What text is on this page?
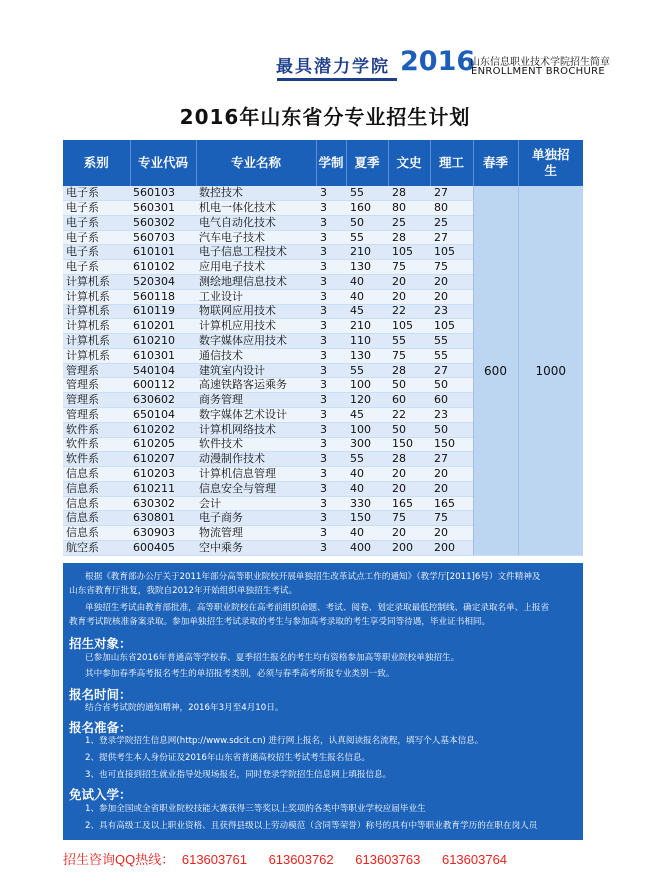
最具潜力学院 2016
山东信息职业技术学院招生简章
ENROLLMENT BROCHURE
2016年山东省分专业招生计划
系别	专业代码	专业名称	学制	夏季	文史	理工	春季	单独招生
电子系	560103	数控技术	3	55	28	27	600	1000
电子系	560301	机电一体化技术	3	160	80	80		
电子系	560302	电气自动化技术	3	50	25	25		
电子系	560703	汽车电子技术	3	55	28	27		
电子系	610101	电子信息工程技术	3	210	105	105		
电子系	610102	应用电子技术	3	130	75	75		
计算机系	520304	测绘地理信息技术	3	40	20	20		
计算机系	560118	工业设计	3	40	20	20		
计算机系	610119	物联网应用技术	3	45	22	23		
计算机系	610201	计算机应用技术	3	210	105	105		
计算机系	610210	数字媒体应用技术	3	110	55	55		
计算机系	610301	通信技术	3	130	75	55		
管理系	540104	建筑室内设计	3	55	28	27		
管理系	600112	高速铁路客运乘务	3	100	50	50		
管理系	630602	商务管理	3	120	60	60		
管理系	650104	数字媒体艺术设计	3	45	22	23		
软件系	610202	计算机网络技术	3	100	50	50		
软件系	610205	软件技术	3	300	150	150		
软件系	610207	动漫制作技术	3	55	28	27		
信息系	610203	计算机信息管理	3	40	20	20		
信息系	610211	信息安全与管理	3	40	20	20		
信息系	630302	会计	3	330	165	165		
信息系	630801	电子商务	3	150	75	75		
信息系	630903	物流管理	3	40	20	20		
航空系	600405	空中乘务	3	400	200	200		
根据《教育部办公厅关于2011年部分高等职业院校开展单独招生改革试点工作的通知》（教学厅[2011]6号）文件精神及
山东省教育厅批复，我院自2012年开始组织单独招生考试。
单独招生考试由教育部批准，高等职业院校在高考前组织命题、考试、阅卷、划定录取最低控制线、确定录取名单、上报省
教育考试院核准备案录取。参加单独招生考试录取的考生与参加高考录取的考生享受同等待遇，毕业证书相同。
招生对象：
已参加山东省2016年普通高等学校春、夏季招生报名的考生均有资格参加高等职业院校单独招生。
其中参加春季高考报名考生的单招报考类别，必须与春季高考所报专业类别一致。
报名时间：
结合省考试院的通知精神，2016年3月至4月10日。
报名准备：
1、登录学院招生信息网(http://www.sdcit.cn) 进行网上报名，认真阅读报名流程，填写个人基本信息。
2、提供考生本人身份证及2016年山东省普通高校招生考试考生报名信息。
3、也可直接到招生就业指导处现场报名，同时登录学院招生信息网上填报信息。
免试入学：
1、参加全国或全省职业院校技能大赛获得三等奖以上奖项的各类中等职业学校应届毕业生
2、具有高级工及以上职业资格、且获得县级以上劳动模范（含同等荣誉）称号的具有中等职业教育学历的在职在岗人员
招生咨询QQ热线： 613603761 613603762 613603763 613603764
